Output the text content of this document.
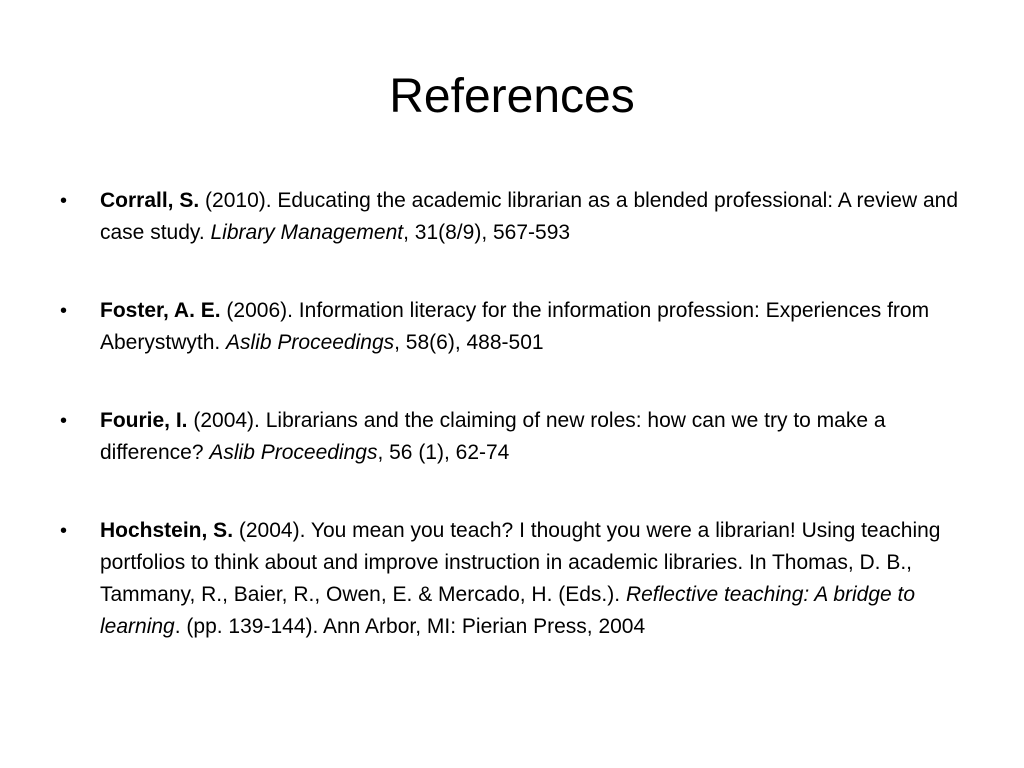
References
•	Corrall, S. (2010). Educating the academic librarian as a blended professional: A review and case study. Library Management, 31(8/9), 567-593
•	Foster, A. E. (2006). Information literacy for the information profession: Experiences from Aberystwyth. Aslib Proceedings, 58(6), 488-501
•	Fourie, I. (2004). Librarians and the claiming of new roles: how can we try to make a difference? Aslib Proceedings, 56 (1), 62-74
•	Hochstein, S. (2004). You mean you teach? I thought you were a librarian! Using teaching portfolios to think about and improve instruction in academic libraries. In Thomas, D. B., Tammany, R., Baier, R., Owen, E. & Mercado, H. (Eds.). Reflective teaching: A bridge to learning. (pp. 139-144). Ann Arbor, MI: Pierian Press, 2004
